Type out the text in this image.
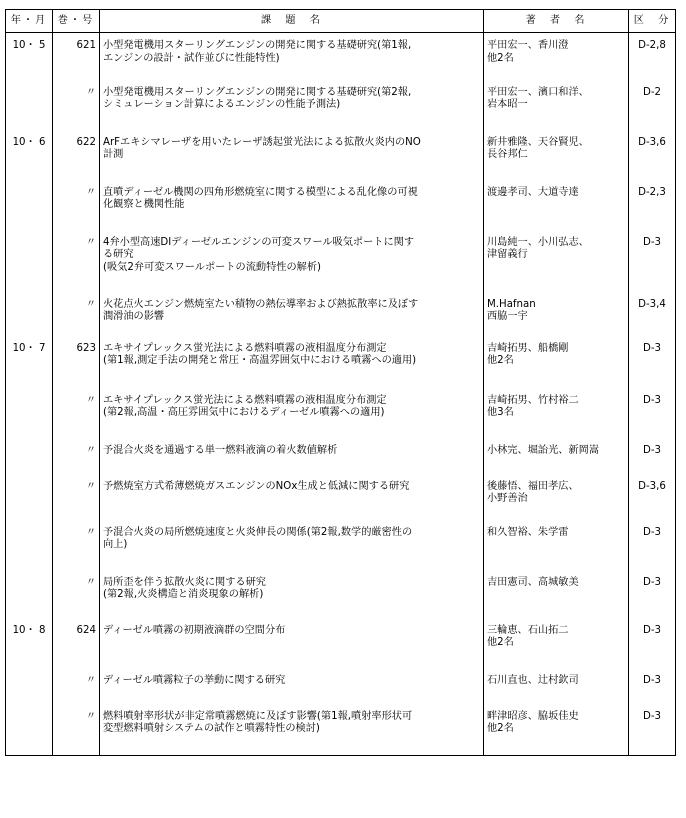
年・月	巻・号	課　題　名	著　者　名	区　分
10・ 5	621	小型発電機用スターリングエンジンの開発に関する基礎研究(第1報,
エンジンの設計・試作並びに性能特性)	平田宏一、香川澄
他2名	D-2,8
	〃	小型発電機用スターリングエンジンの開発に関する基礎研究(第2報,
シミュレーション計算によるエンジンの性能予測法)	平田宏一、濱口和洋、
岩本昭一	D-2
10・ 6	622	ArFエキシマレーザを用いたレーザ誘起蛍光法による拡散火炎内のNO
計測	新井雅隆、天谷賢児、
長谷邦仁	D-3,6
	〃	直噴ディーゼル機関の四角形燃焼室に関する模型による乱化像の可視
化観察と機関性能	渡邊孝司、大道寺達	D-2,3
	〃	4弁小型高速DIディーゼルエンジンの可変スワール吸気ポートに関す
る研究
(吸気2弁可変スワールポートの流動特性の解析)	川島純一、小川弘志、
津留義行	D-3
	〃	火花点火エンジン燃焼室たい積物の熱伝導率および熱拡散率に及ぼす
潤滑油の影響	M.Hafnan
西脇一宇	D-3,4
10・ 7	623	エキサイプレックス蛍光法による燃料噴霧の液相温度分布測定
(第1報,測定手法の開発と常圧・高温雰囲気中における噴霧への適用)	吉崎拓男、船橋剛
他2名	D-3
	〃	エキサイプレックス蛍光法による燃料噴霧の液相温度分布測定
(第2報,高温・高圧雰囲気中におけるディーゼル噴霧への適用)	吉崎拓男、竹村裕二
他3名	D-3
	〃	予混合火炎を通過する単一燃料液滴の着火数値解析	小林完、堀詒光、新岡嵩	D-3
	〃	予燃焼室方式希薄燃焼ガスエンジンのNOx生成と低減に関する研究	後藤悟、福田孝広、
小野善治	D-3,6
	〃	予混合火炎の局所燃焼速度と火炎伸長の関係(第2報,数学的厳密性の
向上)	和久智裕、朱学雷	D-3
	〃	局所歪を伴う拡散火炎に関する研究
(第2報,火炎構造と消炎現象の解析)	吉田憲司、高城敏美	D-3
10・ 8	624	ディーゼル噴霧の初期液滴群の空間分布	三輪恵、石山拓二
他2名	D-3
	〃	ディーゼル噴霧粒子の挙動に関する研究	石川直也、辻村欽司	D-3
	〃	燃料噴射率形状が非定常噴霧燃焼に及ぼす影響(第1報,噴射率形状可
変型燃料噴射システムの試作と噴霧特性の検討)	畔津昭彦、脇坂佳史
他2名	D-3
